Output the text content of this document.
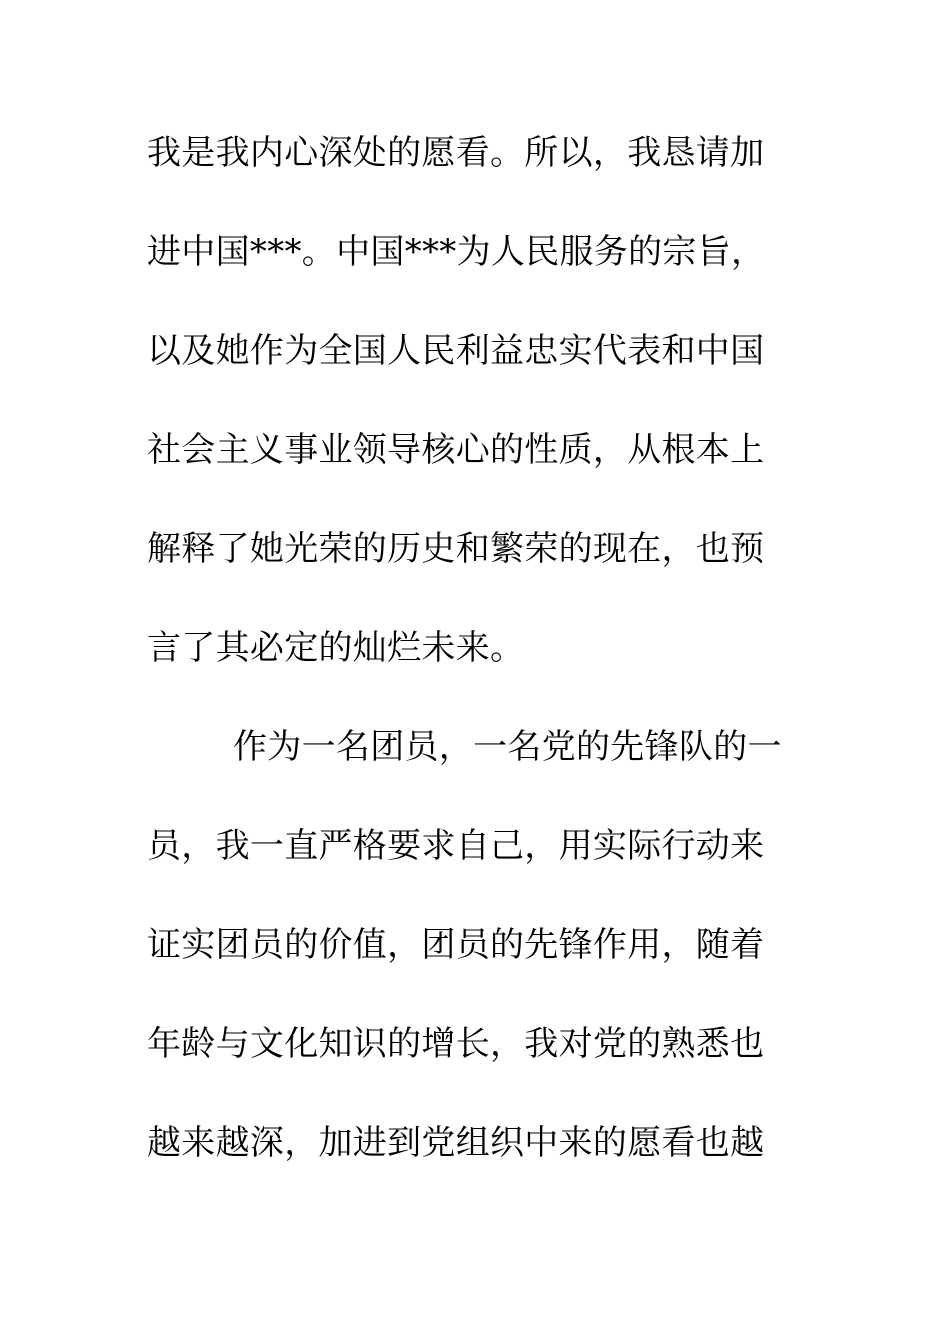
我是我内心深处的愿看。所以，我恳请加
进中国***。中国***为人民服务的宗旨，
以及她作为全国人民利益忠实代表和中国
社会主义事业领导核心的性质，从根本上
解释了她光荣的历史和繁荣的现在，也预
言了其必定的灿烂未来。
作为一名团员，一名党的先锋队的一
员，我一直严格要求自己，用实际行动来
证实团员的价值，团员的先锋作用，随着
年龄与文化知识的增长，我对党的熟悉也
越来越深，加进到党组织中来的愿看也越
